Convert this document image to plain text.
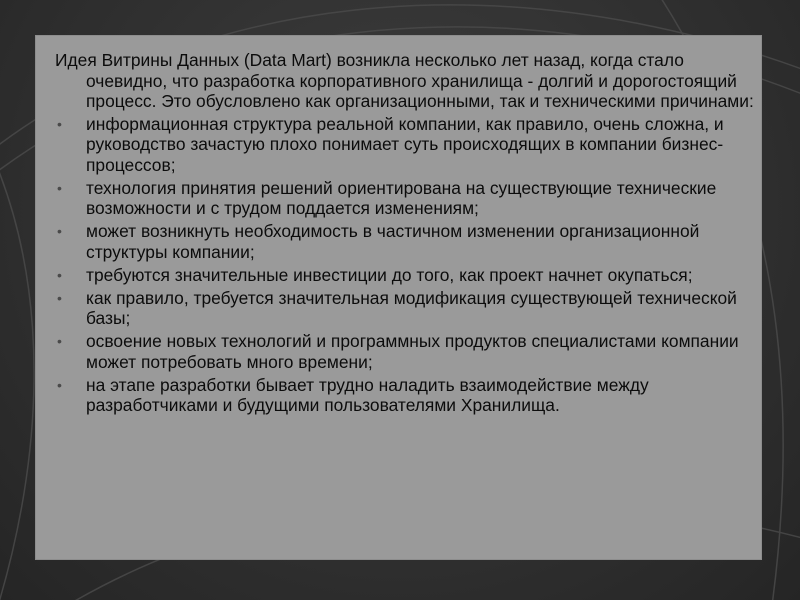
Идея Витрины Данных (Data Mart) возникла несколько лет назад, когда стало очевидно, что разработка корпоративного хранилища - долгий и дорогостоящий процесс. Это обусловлено как организационными, так и техническими причинами:

• информационная структура реальной компании, как правило, очень сложна, и руководство зачастую плохо понимает суть происходящих в компании бизнес-процессов;
• технология принятия решений ориентирована на существующие технические возможности и с трудом поддается изменениям;
• может возникнуть необходимость в частичном изменении организационной структуры компании;
• требуются значительные инвестиции до того, как проект начнет окупаться;
• как правило, требуется значительная модификация существующей технической базы;
• освоение новых технологий и программных продуктов специалистами компании может потребовать много времени;
• на этапе разработки бывает трудно наладить взаимодействие между разработчиками и будущими пользователями Хранилища.
